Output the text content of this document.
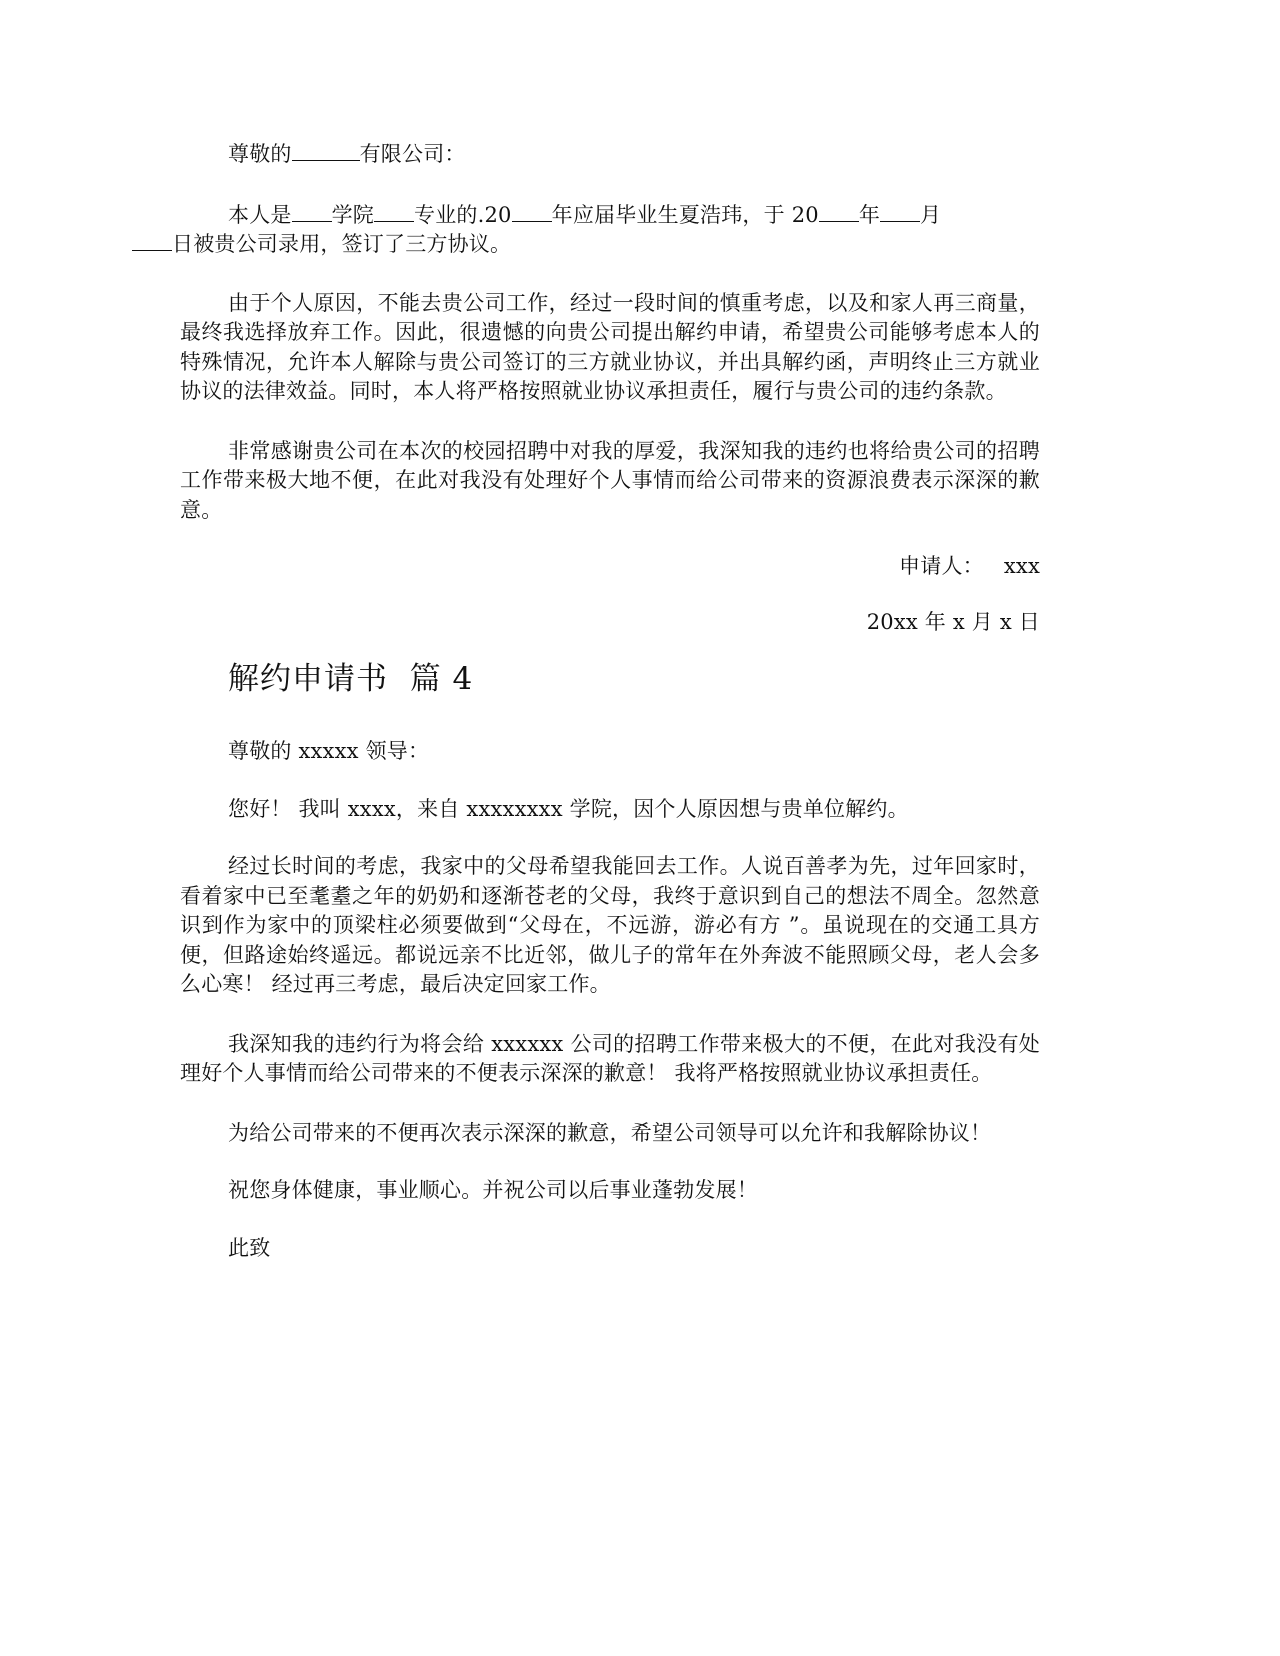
尊敬的	有限公司：

本人是 学院 专业的.20 年应届毕业生夏浩玮，于 20 年 月
日被贵公司录用，签订了三方协议。

由于个人原因，不能去贵公司工作，经过一段时间的慎重考虑，以及和家人再三商量，最终我选择放弃工作。因此，很遗憾的向贵公司提出解约申请，希望贵公司能够考虑本人的特殊情况，允许本人解除与贵公司签订的三方就业协议，并出具解约函，声明终止三方就业协议的法律效益。同时，本人将严格按照就业协议承担责任，履行与贵公司的违约条款。

非常感谢贵公司在本次的校园招聘中对我的厚爱，我深知我的违约也将给贵公司的招聘工作带来极大地不便，在此对我没有处理好个人事情而给公司带来的资源浪费表示深深的歉意。

申请人： xxx

20xx 年 x 月 x 日

解约申请书  篇 4

尊敬的 xxxxx 领导：

您好！ 我叫 xxxx，来自 xxxxxxxx 学院，因个人原因想与贵单位解约。

经过长时间的考虑，我家中的父母希望我能回去工作。人说百善孝为先，过年回家时， 看着家中已至耄耋之年的奶奶和逐渐苍老的父母，我终于意识到自己的想法不周全。忽然意识到作为家中的顶梁柱必须要做到“父母在，不远游，游必有方 ”。虽说现在的交通工具方便，但路途始终遥远。都说远亲不比近邻，做儿子的常年在外奔波不能照顾父母，老人会多么心寒！ 经过再三考虑，最后决定回家工作。

我深知我的违约行为将会给 xxxxxx 公司的招聘工作带来极大的不便，在此对我没有处理好个人事情而给公司带来的不便表示深深的歉意！ 我将严格按照就业协议承担责任。

为给公司带来的不便再次表示深深的歉意，希望公司领导可以允许和我解除协议！

祝您身体健康，事业顺心。并祝公司以后事业蓬勃发展！

此致
